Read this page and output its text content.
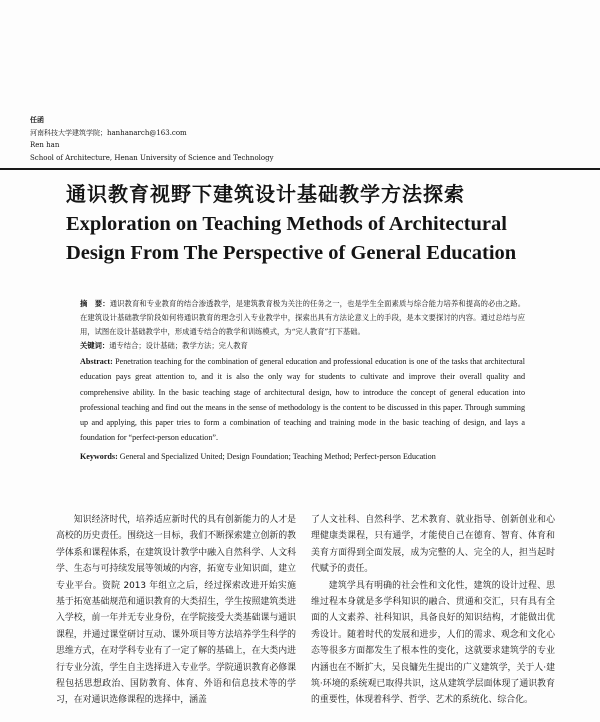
任函
河南科技大学建筑学院；hanhanarch@163.com
Ren han
School of Architecture, Henan University of Science and Technology
通识教育视野下建筑设计基础教学方法探索
Exploration on Teaching Methods of Architectural
Design From The Perspective of General Education

摘　要：通识教育和专业教育的结合渗透教学，是建筑教育极为关注的任务之一，也是学生全面素质与综合能力培养和提高的必由之路。在建筑设计基础教学阶段如何将通识教育的理念引入专业教学中，探索出具有方法论意义上的手段，是本文要探讨的内容。通过总结与应用，试图在设计基础教学中，形成通专结合的教学和训练模式，为“完人教育”打下基础。

关键词：通专结合；设计基础；教学方法；完人教育

Abstract: Penetration teaching for the combination of general education and professional education is one of the tasks that architectural education pays great attention to, and it is also the only way for students to cultivate and improve their overall quality and comprehensive ability. In the basic teaching stage of architectural design, how to introduce the concept of general education into professional teaching and find out the means in the sense of methodology is the content to be discussed in this paper. Through summing up and applying, this paper tries to form a combination of teaching and training mode in the basic teaching of design, and lays a foundation for “perfect-person education”.

Keywords: General and Specialized United; Design Foundation; Teaching Method; Perfect-person Education

知识经济时代，培养适应新时代的具有创新能力的人才是高校的历史责任。围绕这一目标，我们不断探索建立创新的教学体系和课程体系，在建筑设计教学中融入自然科学、人文科学、生态与可持续发展等领域的内容，拓宽专业知识面，建立专业平台。资院 2013 年组立之后，经过探索改进开始实施基于拓宽基础规范和通识教育的大类招生，学生按照建筑类进入学校，前一年并无专业身份，在学院接受大类基础课与通识课程，并通过课堂研讨互动、课外项目等方法培养学生科学的思维方式，在对学科专业有了一定了解的基础上，在大类内进行专业分流，学生自主选择进入专业学。学院通识教育必修课程包括思想政治、国防教育、体育、外语和信息技术等的学习，在对通识选修课程的选择中，涵盖

了人文社科、自然科学、艺术教育、就业指导、创新创业和心理健康类课程，只有通学，才能使自己在德育、智育、体育和美育方面得到全面发展，成为完整的人、完全的人，担当起时代赋予的责任。

建筑学具有明确的社会性和文化性，建筑的设计过程、思维过程本身就是多学科知识的融合、贯通和交汇，只有具有全面的人文素养、社科知识，具备良好的知识结构，才能做出优秀设计。随着时代的发展和进步，人们的需求、观念和文化心态等很多方面都发生了根本性的变化，这就要求建筑学的专业内涵也在不断扩大，吴良镛先生提出的广义建筑学，关于人·建筑·环境的系统观已取得共识，这从建筑学层面体现了通识教育的重要性，体现着科学、哲学、艺术的系统化、综合化。
